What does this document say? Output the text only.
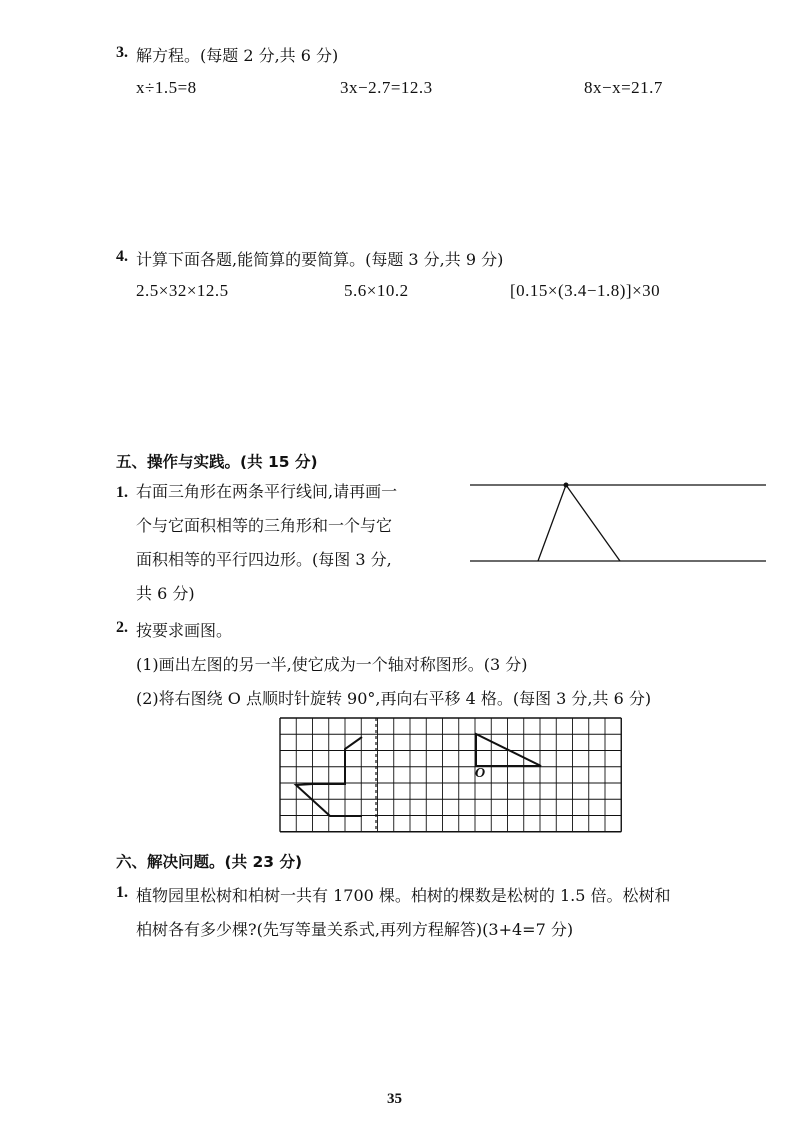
3. 解方程。(每题 2 分,共 6 分)
x÷1.5=8	3x−2.7=12.3	8x−x=21.7
4. 计算下面各题,能简算的要简算。(每题 3 分,共 9 分)
2.5×32×12.5	5.6×10.2	[0.15×(3.4−1.8)]×30
五、操作与实践。(共 15 分)
1. 右面三角形在两条平行线间,请再画一
个与它面积相等的三角形和一个与它
面积相等的平行四边形。(每图 3 分,
共 6 分)
2. 按要求画图。
(1)画出左图的另一半,使它成为一个轴对称图形。(3 分)
(2)将右图绕 O 点顺时针旋转 90°,再向右平移 4 格。(每图 3 分,共 6 分)
O
六、解决问题。(共 23 分)
1. 植物园里松树和柏树一共有 1700 棵。柏树的棵数是松树的 1.5 倍。松树和
柏树各有多少棵?(先写等量关系式,再列方程解答)(3+4=7 分)
35
